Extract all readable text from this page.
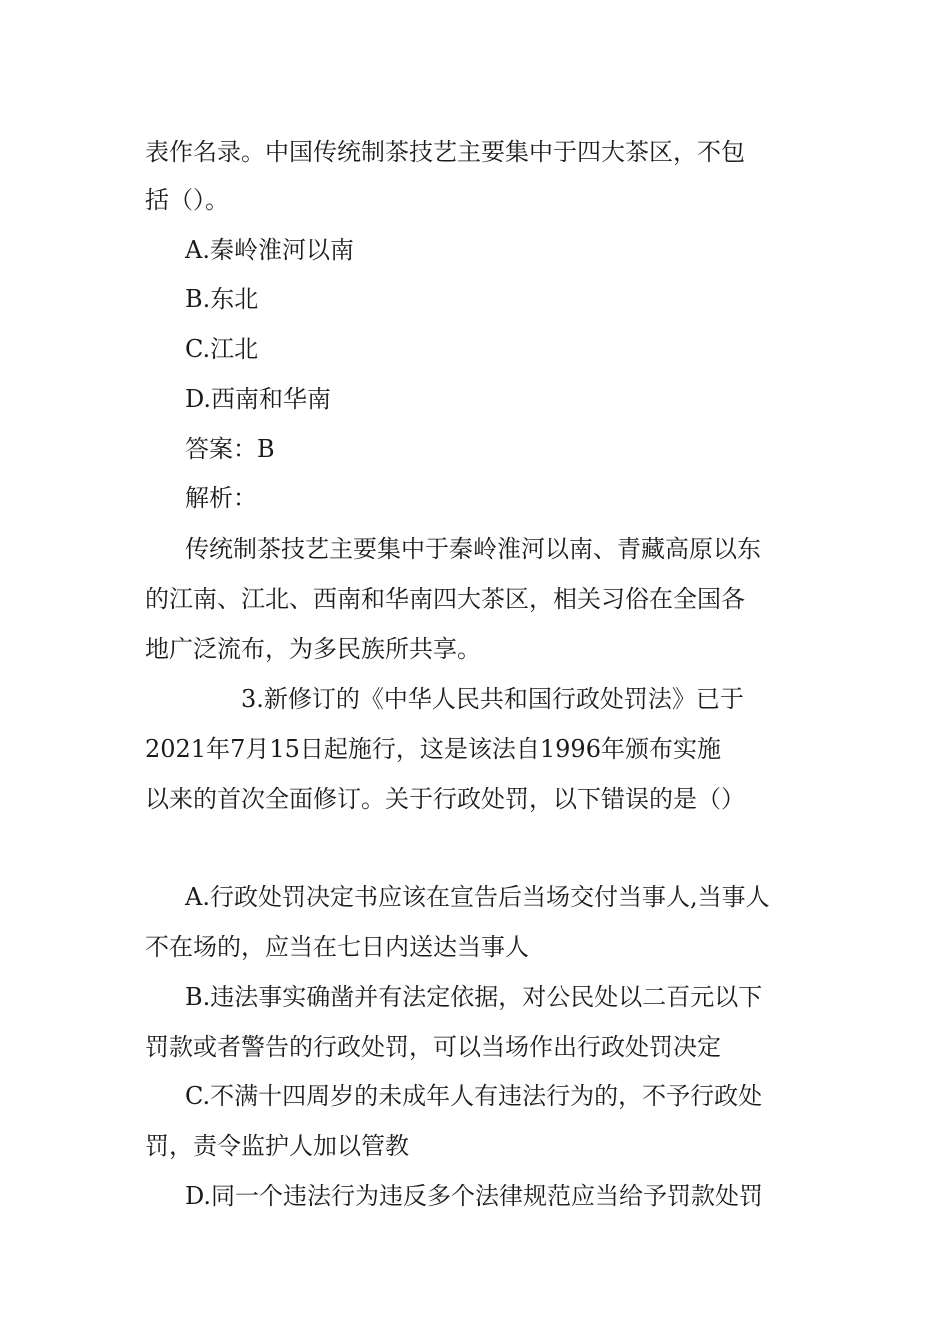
表作名录。中国传统制茶技艺主要集中于四大茶区，不包
括（）。
A.秦岭淮河以南
B.东北
C.江北
D.西南和华南
答案：B
解析：
传统制茶技艺主要集中于秦岭淮河以南、青藏高原以东
的江南、江北、西南和华南四大茶区，相关习俗在全国各
地广泛流布，为多民族所共享。
3.新修订的《中华人民共和国行政处罚法》已于
2021年7月15日起施行，这是该法自1996年颁布实施
以来的首次全面修订。关于行政处罚，以下错误的是（）
A.行政处罚决定书应该在宣告后当场交付当事人,当事人
不在场的，应当在七日内送达当事人
B.违法事实确凿并有法定依据，对公民处以二百元以下
罚款或者警告的行政处罚，可以当场作出行政处罚决定
C.不满十四周岁的未成年人有违法行为的，不予行政处
罚，责令监护人加以管教
D.同一个违法行为违反多个法律规范应当给予罚款处罚
